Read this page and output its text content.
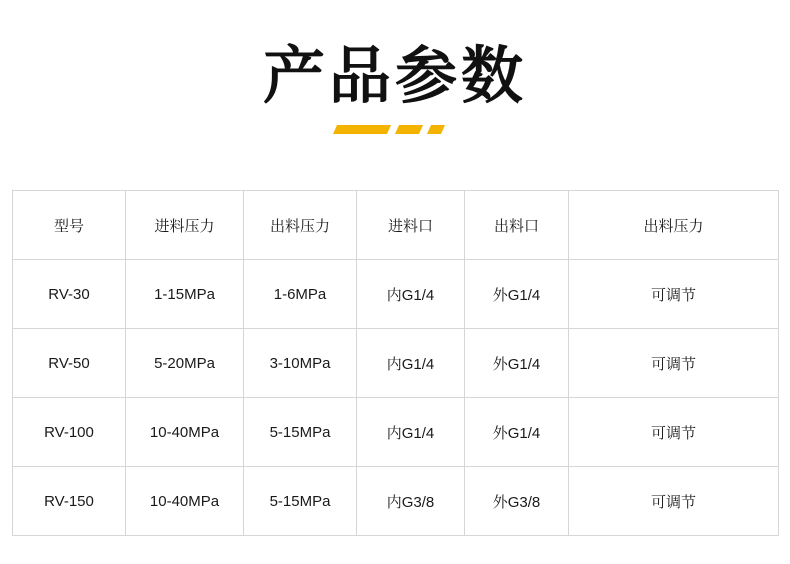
产品参数
型号	进料压力	出料压力	进料口	出料口	出料压力
RV-30	1-15MPa	1-6MPa	内G1/4	外G1/4	可调节
RV-50	5-20MPa	3-10MPa	内G1/4	外G1/4	可调节
RV-100	10-40MPa	5-15MPa	内G1/4	外G1/4	可调节
RV-150	10-40MPa	5-15MPa	内G3/8	外G3/8	可调节
